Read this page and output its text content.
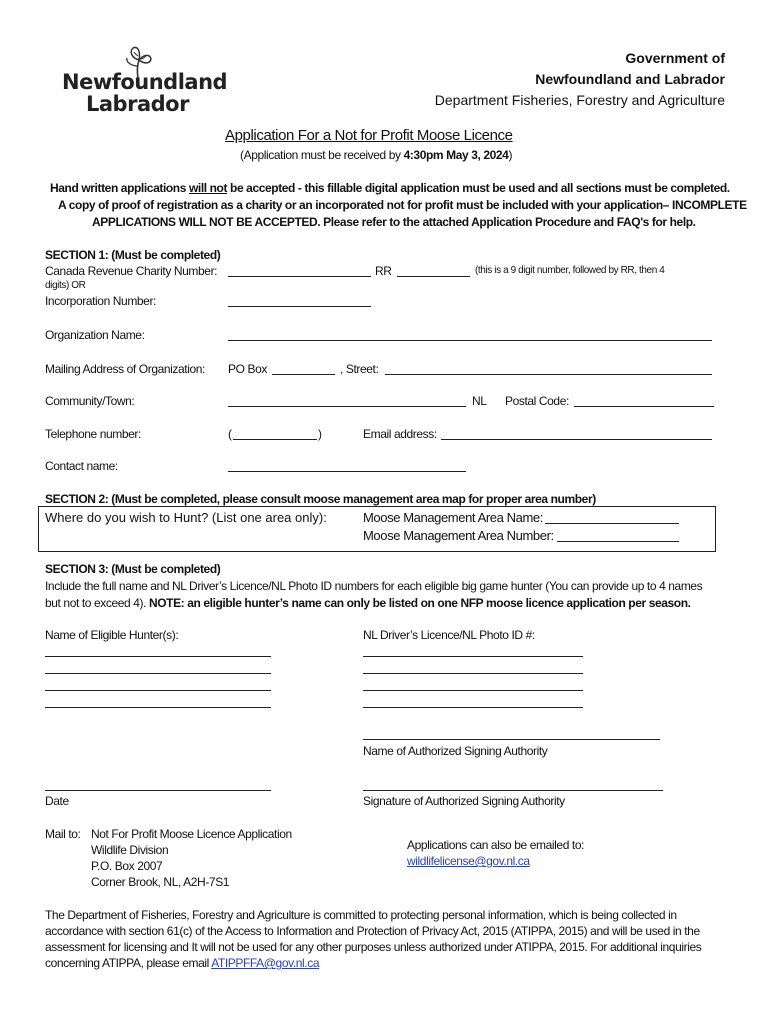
Newfoundland
Labrador
Government of
Newfoundland and Labrador
Department Fisheries, Forestry and Agriculture
Application For a Not for Profit Moose Licence
(Application must be received by 4:30pm May 3, 2024)
Hand written applications will not be accepted - this fillable digital application must be used and all sections must be completed.
A copy of proof of registration as a charity or an incorporated not for profit must be included with your application– INCOMPLETE
APPLICATIONS WILL NOT BE ACCEPTED. Please refer to the attached Application Procedure and FAQ's for help.
SECTION 1: (Must be completed)
Canada Revenue Charity Number:	RR	(this is a 9 digit number, followed by RR, then 4
digits) OR
Incorporation Number:
Organization Name:
Mailing Address of Organization: PO Box	, Street:
Community/Town:	NL Postal Code:
Telephone number:	(	)	Email address:
Contact name:
SECTION 2: (Must be completed, please consult moose management area map for proper area number)
Where do you wish to Hunt? (List one area only):	Moose Management Area Name:
Moose Management Area Number:
SECTION 3: (Must be completed)
Include the full name and NL Driver’s Licence/NL Photo ID numbers for each eligible big game hunter (You can provide up to 4 names
but not to exceed 4). NOTE: an eligible hunter’s name can only be listed on one NFP moose licence application per season.
Name of Eligible Hunter(s):	NL Driver’s Licence/NL Photo ID #:
Name of Authorized Signing Authority
Date	Signature of Authorized Signing Authority
Mail to: Not For Profit Moose Licence Application
Wildlife Division
P.O. Box 2007
Corner Brook, NL, A2H-7S1
Applications can also be emailed to:
wildlifelicense@gov.nl.ca
The Department of Fisheries, Forestry and Agriculture is committed to protecting personal information, which is being collected in
accordance with section 61(c) of the Access to Information and Protection of Privacy Act, 2015 (ATIPPA, 2015) and will be used in the
assessment for licensing and It will not be used for any other purposes unless authorized under ATIPPA, 2015. For additional inquiries
concerning ATIPPA, please email ATIPPFFA@gov.nl.ca
